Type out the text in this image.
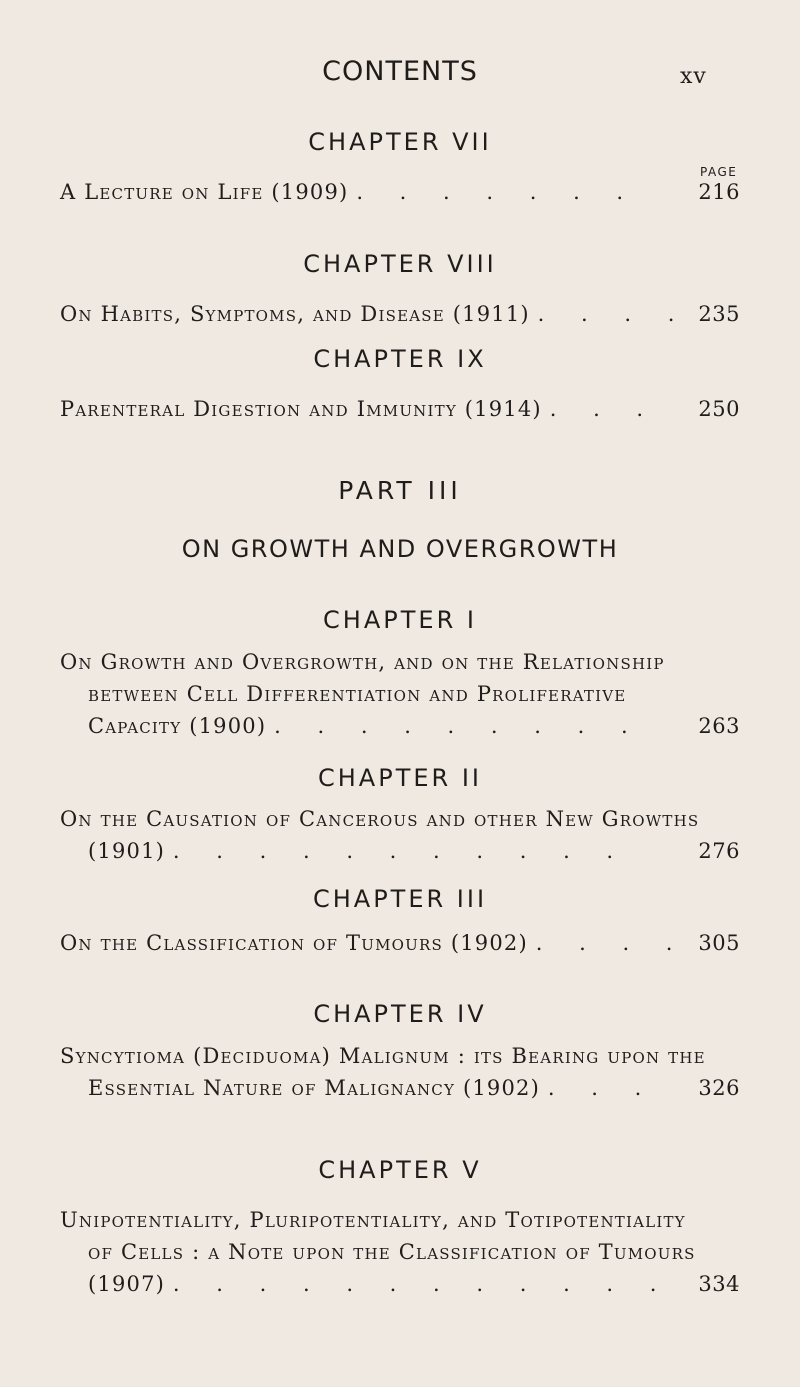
CONTENTS	xv
CHAPTER VII
PAGE
A Lecture on Life (1909) . . . . . . .	216
CHAPTER VIII
On Habits, Symptoms, and Disease (1911) . . . . 235
CHAPTER IX
Parenteral Digestion and Immunity (1914) . . .	250
PART III
ON GROWTH AND OVERGROWTH
CHAPTER I
On Growth and Overgrowth, and on the Relationship
between Cell Differentiation and Proliferative
Capacity (1900) . . . . . . . . .	263
CHAPTER II
On the Causation of Cancerous and other New Growths
(1901) . . . . . . . . . . .	276
CHAPTER III
On the Classification of Tumours (1902) . . . . 305
CHAPTER IV
Syncytioma (Deciduoma) Malignum : its Bearing upon the
Essential Nature of Malignancy (1902) . . .	326
CHAPTER V
Unipotentiality, Pluripotentiality, and Totipotentiality
of Cells : a Note upon the Classification of Tumours
(1907) . . . . . . . . . . . .	334
